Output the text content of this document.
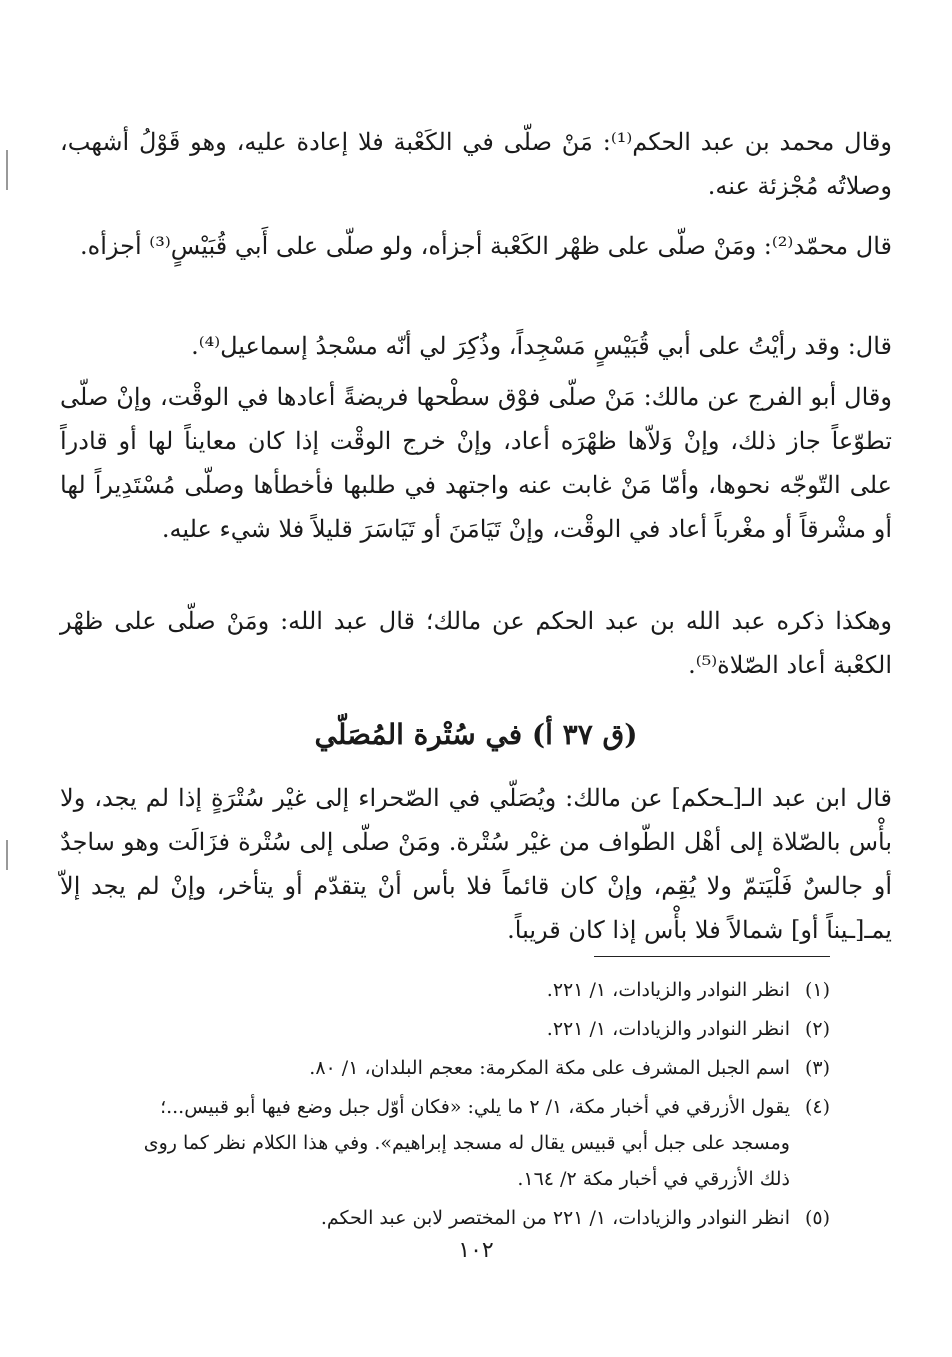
وقال محمد بن عبد الحكم⁽¹⁾: مَنْ صلّى في الكَعْبة فلا إعادة عليه، وهو قَوْلُ أشهب، وصلاتُه مُجْزئة عنه.

قال محمّد⁽²⁾: ومَنْ صلّى على ظهْر الكَعْبة أجزأه، ولو صلّى على أَبي قُبَيْسٍ⁽³⁾ أجزأه.

قال: وقد رأيْتُ على أبي قُبَيْسٍ مَسْجِداً، وذُكِرَ لي أنّه مسْجدُ إسماعيل⁽⁴⁾.

وقال أبو الفرج عن مالك: مَنْ صلّى فوْق سطْحها فريضةً أعادها في الوقْت، وإنْ صلّى تطوّعاً جاز ذلك، وإنْ وَلاّها ظهْرَه أعاد، وإنْ خرج الوقْت إذا كان معايناً لها أو قادراً على التّوجّه نحوها، وأمّا مَنْ غابت عنه واجتهد في طلبها فأخطأها وصلّى مُسْتَدِيراً لها أو مشْرقاً أو مغْرباً أعاد في الوقْت، وإنْ تَيَامَنَ أو تَيَاسَرَ قليلاً فلا شيء عليه.

وهكذا ذكره عبد الله بن عبد الحكم عن مالك؛ قال عبد الله: ومَنْ صلّى على ظهْر الكعْبة أعاد الصّلاة⁽⁵⁾.

(ق ٣٧ أ) في سُتْرة المُصَلّي

قال ابن عبد الـ[ـحكم] عن مالك: ويُصَلّي في الصّحراء إلى غيْر سُتْرَةٍ إذا لم يجد، ولا بأْس بالصّلاة إلى أهْل الطّواف من غيْر سُتْرة. ومَنْ صلّى إلى سُتْرة فزَالَت وهو ساجدٌ أو جالسٌ فَلْيَتمّ ولا يُقِم، وإنْ كان قائماً فلا بأس أنْ يتقدّم أو يتأخر، وإنْ لم يجد إلاّ يمـ[ـيناً أو] شمالاً فلا بأْس إذا كان قريباً.

(١)
انظر النوادر والزيادات، ١/ ٢٢١.
(٢)
انظر النوادر والزيادات، ١/ ٢٢١.
(٣)
اسم الجبل المشرف على مكة المكرمة: معجم البلدان، ١/ ٨٠.
(٤)
يقول الأزرقي في أخبار مكة، ١/ ٢ ما يلي: «فكان أوّل جبل وضع فيها أبو قبيس...؛ ومسجد على جبل أبي قبيس يقال له مسجد إبراهيم». وفي هذا الكلام نظر كما روى ذلك الأزرقي في أخبار مكة ٢/ ١٦٤.
(٥)
انظر النوادر والزيادات، ١/ ٢٢١ من المختصر لابن عبد الحكم.

١٠٢
